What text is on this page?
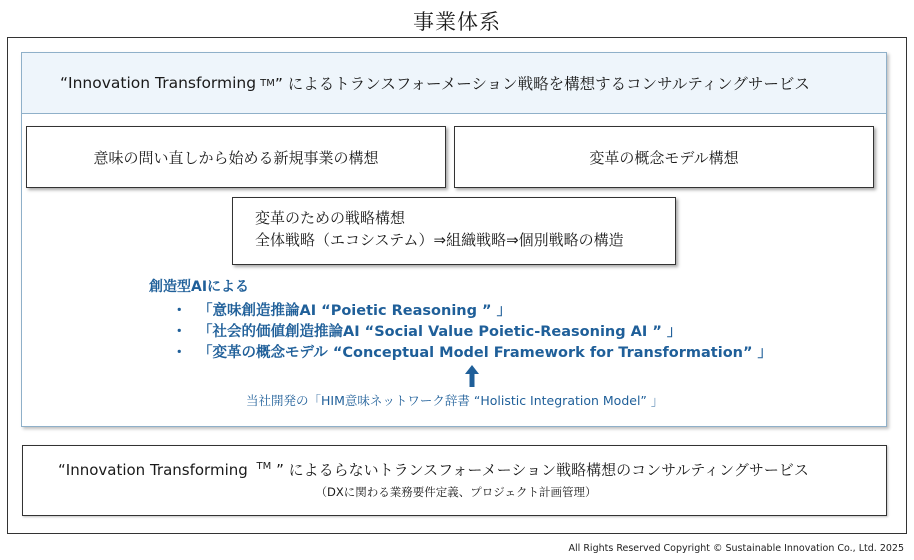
事業体系
“Innovation Transforming TM ” によるトランスフォーメーション戦略を構想するコンサルティングサービス
意味の問い直しから始める新規事業の構想	変革の概念モデル構想
変革のための戦略構想
全体戦略（エコシステム）⇒組織戦略⇒個別戦略の構造
創造型AIによる
・ 「意味創造推論AI “Poietic Reasoning ” 」
・ 「社会的価値創造推論AI “Social Value Poietic-Reasoning AI ” 」
・ 「変革の概念モデル “Conceptual Model Framework for Transformation” 」
当社開発の「HIM意味ネットワーク辞書 “Holistic Integration Model” 」
“Innovation Transforming ™ ” によるらないトランスフォーメーション戦略構想のコンサルティングサービス
（DXに関わる業務要件定義、プロジェクト計画管理）
All Rights Reserved Copyright © Sustainable Innovation Co., Ltd. 2025
